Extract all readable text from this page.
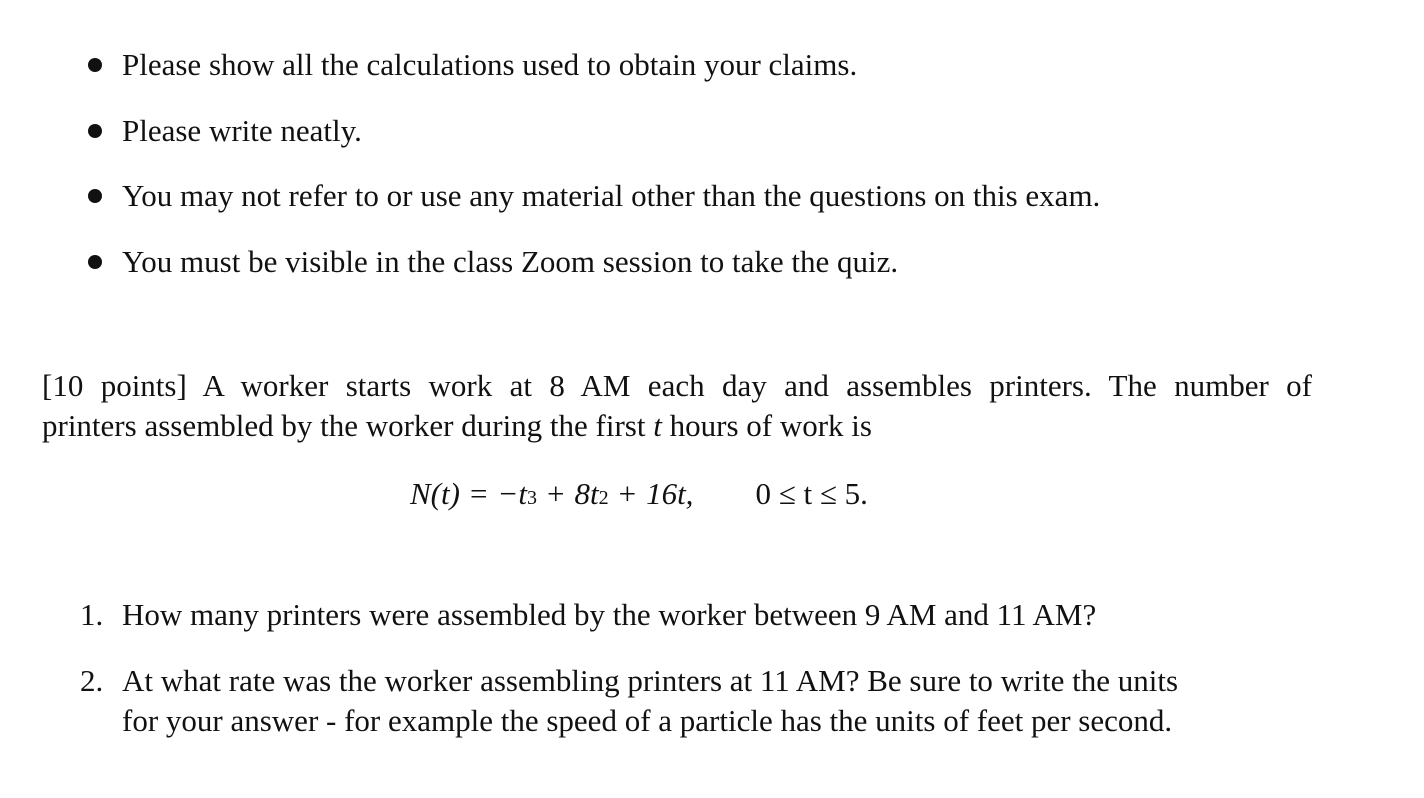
Please show all the calculations used to obtain your claims.
Please write neatly.
You may not refer to or use any material other than the questions on this exam.
You must be visible in the class Zoom session to take the quiz.
[10 points] A worker starts work at 8 AM each day and assembles printers. The number of
printers assembled by the worker during the first t hours of work is
N(t) = −t 3 + 8t 2 + 16t, 0 ≤ t ≤ 5.
1. How many printers were assembled by the worker between 9 AM and 11 AM?
2. At what rate was the worker assembling printers at 11 AM? Be sure to write the units
for your answer - for example the speed of a particle has the units of feet per second.
